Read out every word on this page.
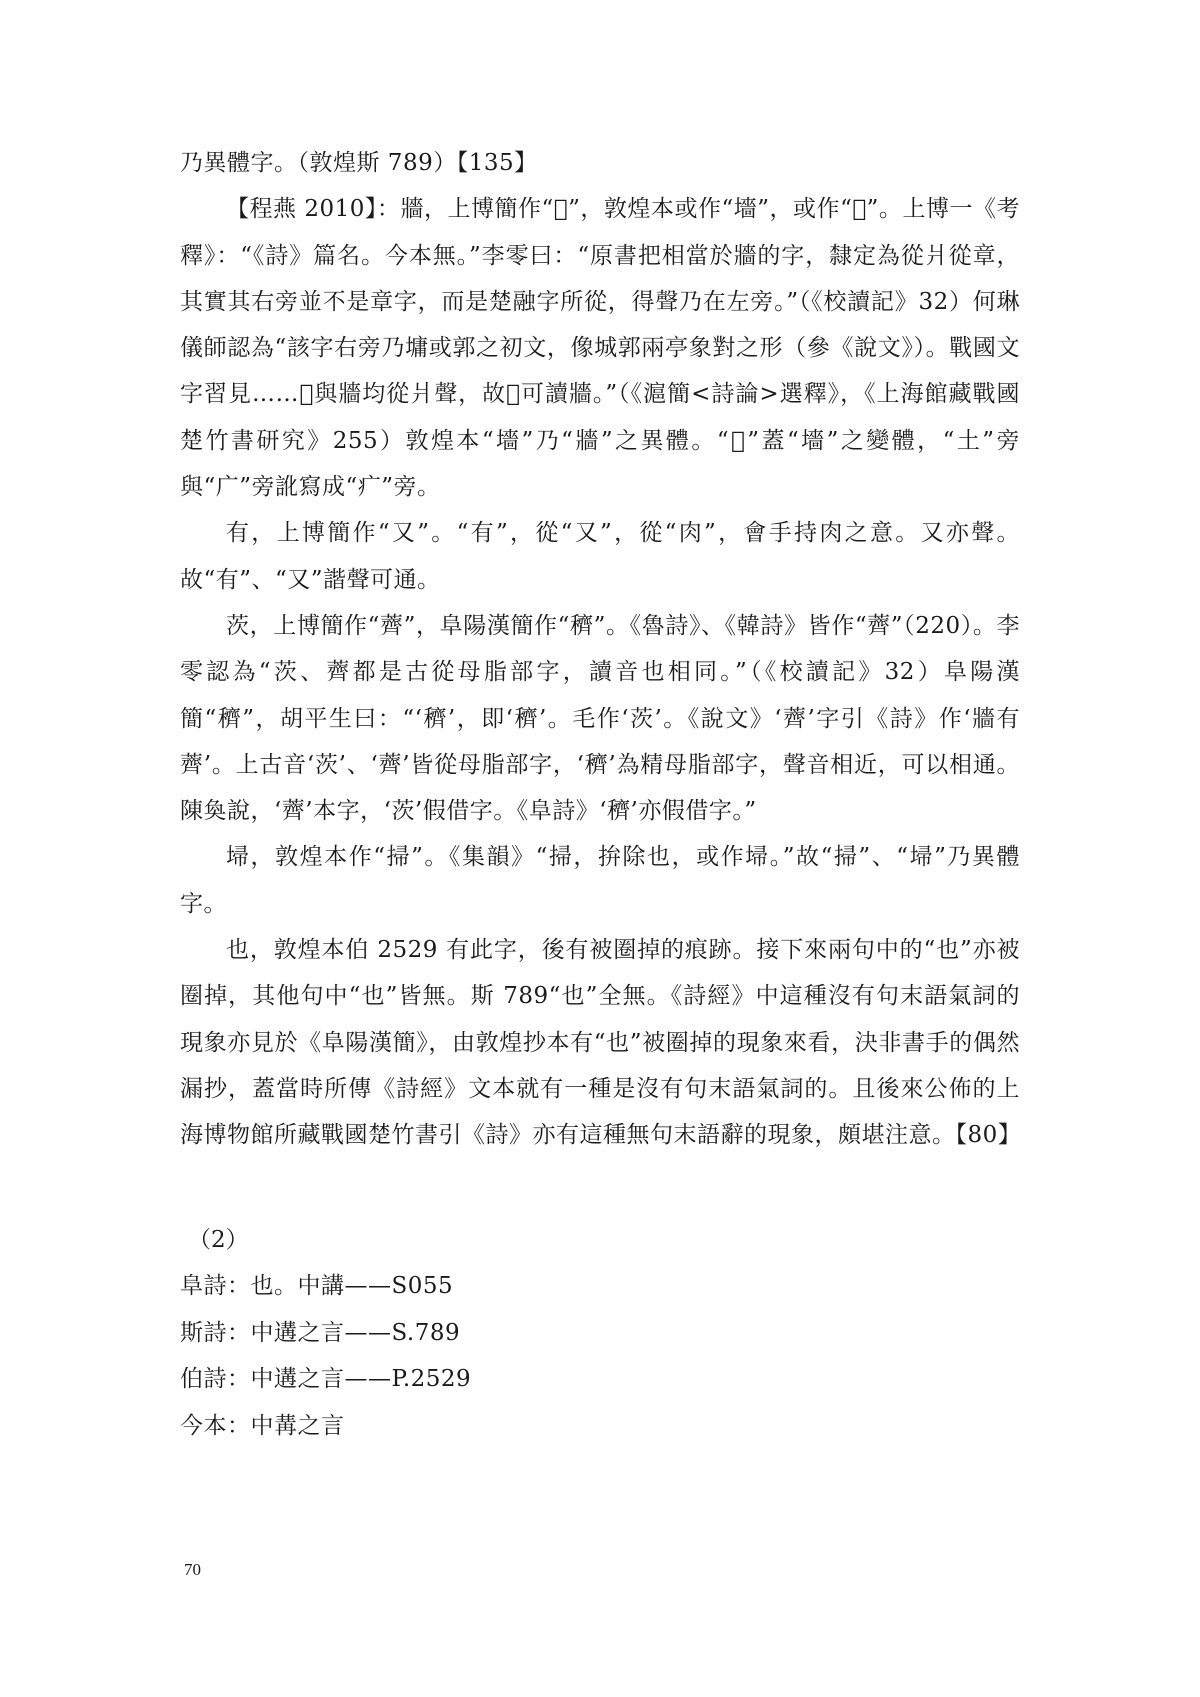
乃異體字。（敦煌斯 789）【135】

【程燕 2010】：牆，上博簡作“𤖨”，敦煌本或作“墻”，或作“𤺴”。上博一《考釋》：“《詩》篇名。今本無。”李零曰：“原書把相當於牆的字，隸定為從爿從章，其實其右旁並不是章字，而是楚融字所從，得聲乃在左旁。”（《校讀記》32）何琳儀師認為“該字右旁乃墉或郭之初文，像城郭兩亭象對之形（參《說文》）。戰國文字習見……𤖨與牆均從爿聲，故𤖨可讀牆。”（《滬簡<詩論>選釋》，《上海館藏戰國楚竹書研究》255）敦煌本“墻”乃“牆”之異體。“𤺴”蓋“墻”之變體，“土”旁與“广”旁訛寫成“疒”旁。

有，上博簡作“又”。“有”，從“又”，從“肉”，會手持肉之意。又亦聲。故“有”、“又”諧聲可通。

茨，上博簡作“薺”，阜陽漢簡作“穧”。《魯詩》、《韓詩》皆作“薺”（220）。李零認為“茨、薺都是古從母脂部字，讀音也相同。”（《校讀記》32）阜陽漢簡“穧”，胡平生曰：“‘穧’，即‘穧’。毛作‘茨’。《說文》‘薺’字引《詩》作‘牆有薺’。上古音‘茨’、‘薺’皆從母脂部字，‘穧’為精母脂部字，聲音相近，可以相通。陳奐說，‘薺’本字，‘茨’假借字。《阜詩》‘穧’亦假借字。”

埽，敦煌本作“掃”。《集韻》“掃，拚除也，或作埽。”故“掃”、“埽”乃異體字。

也，敦煌本伯 2529 有此字，後有被圈掉的痕跡。接下來兩句中的“也”亦被圈掉，其他句中“也”皆無。斯 789“也”全無。《詩經》中這種沒有句末語氣詞的現象亦見於《阜陽漢簡》，由敦煌抄本有“也”被圈掉的現象來看，決非書手的偶然漏抄，蓋當時所傳《詩經》文本就有一種是沒有句末語氣詞的。且後來公佈的上海博物館所藏戰國楚竹書引《詩》亦有這種無句末語辭的現象，頗堪注意。【80】

（2）
阜詩：也。中講——S055
斯詩：中遘之言——S.789
伯詩：中遘之言——P.2529
今本：中冓之言
70
